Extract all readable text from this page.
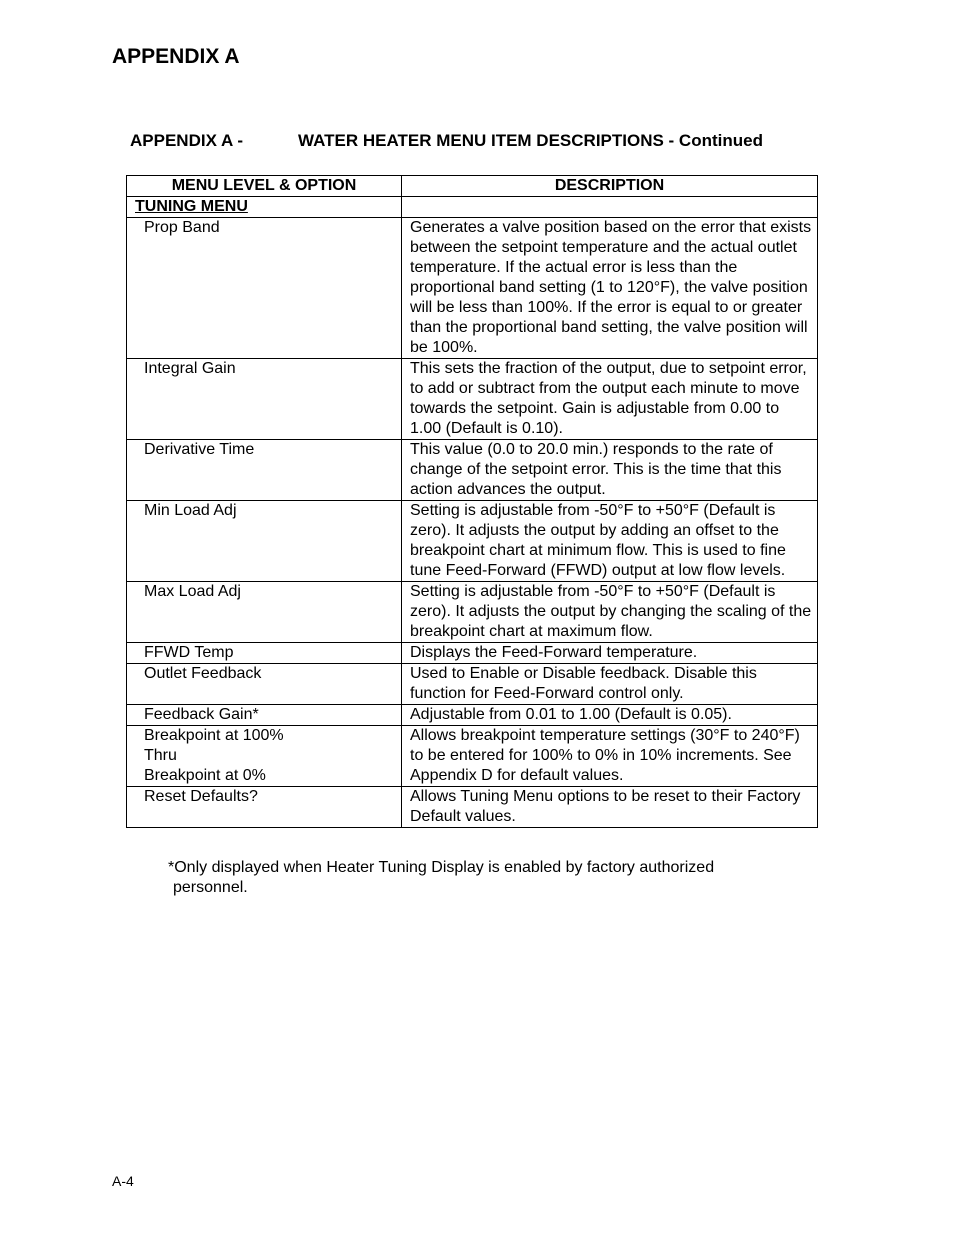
APPENDIX A
APPENDIX A -	WATER HEATER MENU ITEM DESCRIPTIONS - Continued
MENU LEVEL & OPTION	DESCRIPTION
TUNING MENU	

Prop Band	Generates a valve position based on the error that exists between the setpoint temperature and the actual outlet temperature. If the actual error is less than the proportional band setting (1 to 120°F), the valve position will be less than 100%. If the error is equal to or greater than the proportional band setting, the valve position will be 100%.

Integral Gain	This sets the fraction of the output, due to setpoint error, to add or subtract from the output each minute to move towards the setpoint. Gain is adjustable from 0.00 to 1.00 (Default is 0.10).

Derivative Time	This value (0.0 to 20.0 min.) responds to the rate of change of the setpoint error. This is the time that this action advances the output.

Min Load Adj	Setting is adjustable from -50°F to +50°F (Default is zero). It adjusts the output by adding an offset to the breakpoint chart at minimum flow. This is used to fine tune Feed-Forward (FFWD) output at low flow levels.

Max Load Adj	Setting is adjustable from -50°F to +50°F (Default is zero). It adjusts the output by changing the scaling of the breakpoint chart at maximum flow.

FFWD Temp	Displays the Feed-Forward temperature.

Outlet Feedback	Used to Enable or Disable feedback. Disable this function for Feed-Forward control only.

Feedback Gain*	Adjustable from 0.01 to 1.00 (Default is 0.05).

Breakpoint at 100%
Thru
Breakpoint at 0%	Allows breakpoint temperature settings (30°F to 240°F) to be entered for 100% to 0% in 10% increments. See Appendix D for default values.

Reset Defaults?	Allows Tuning Menu options to be reset to their Factory Default values.

*Only displayed when Heater Tuning Display is enabled by factory authorized
personnel.

A-4
